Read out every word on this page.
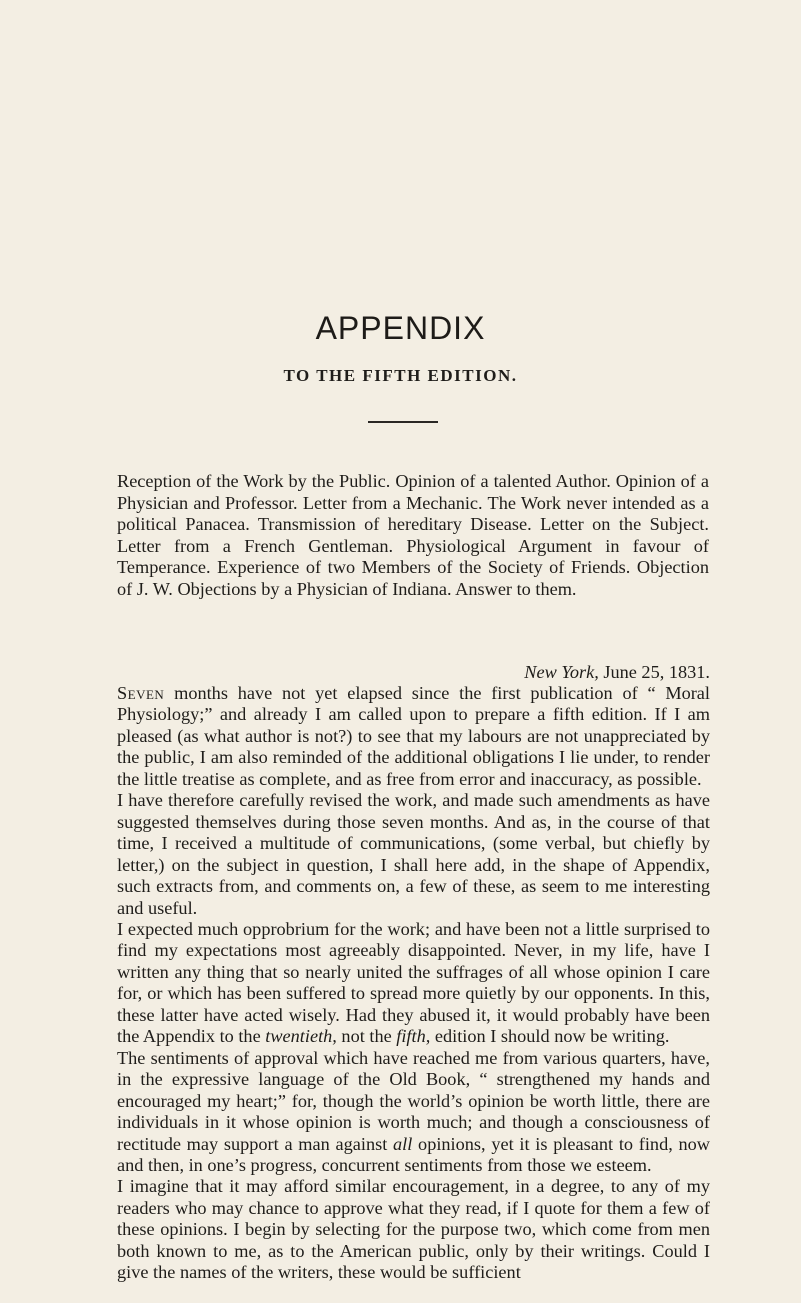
APPENDIX
TO THE FIFTH EDITION.

Reception of the Work by the Public. Opinion of a talented Author. Opinion of a Physician and Professor. Letter from a Mechanic. The Work never intended as a political Panacea. Transmission of hereditary Disease. Letter on the Subject. Letter from a French Gentleman. Physiological Argument in favour of Temperance. Experience of two Members of the Society of Friends. Objection of J. W. Objections by a Physician of Indiana. Answer to them.

New York, June 25, 1831.

Seven months have not yet elapsed since the first publication of “ Moral Physiology;” and already I am called upon to prepare a fifth edition. If I am pleased (as what author is not?) to see that my labours are not unappreciated by the public, I am also reminded of the additional obligations I lie under, to render the little treatise as complete, and as free from error and inaccuracy, as possible.

I have therefore carefully revised the work, and made such amendments as have suggested themselves during those seven months. And as, in the course of that time, I received a multitude of communications, (some verbal, but chiefly by letter,) on the subject in question, I shall here add, in the shape of Appendix, such extracts from, and comments on, a few of these, as seem to me interesting and useful.

I expected much opprobrium for the work; and have been not a little surprised to find my expectations most agreeably disappointed. Never, in my life, have I written any thing that so nearly united the suffrages of all whose opinion I care for, or which has been suffered to spread more quietly by our opponents. In this, these latter have acted wisely. Had they abused it, it would probably have been the Appendix to the twentieth, not the fifth, edition I should now be writing.

The sentiments of approval which have reached me from various quarters, have, in the expressive language of the Old Book, “ strengthened my hands and encouraged my heart;” for, though the world’s opinion be worth little, there are individuals in it whose opinion is worth much; and though a consciousness of rectitude may support a man against all opinions, yet it is pleasant to find, now and then, in one’s progress, concurrent sentiments from those we esteem.

I imagine that it may afford similar encouragement, in a degree, to any of my readers who may chance to approve what they read, if I quote for them a few of these opinions. I begin by selecting for the purpose two, which come from men both known to me, as to the American public, only by their writings. Could I give the names of the writers, these would be sufficient
